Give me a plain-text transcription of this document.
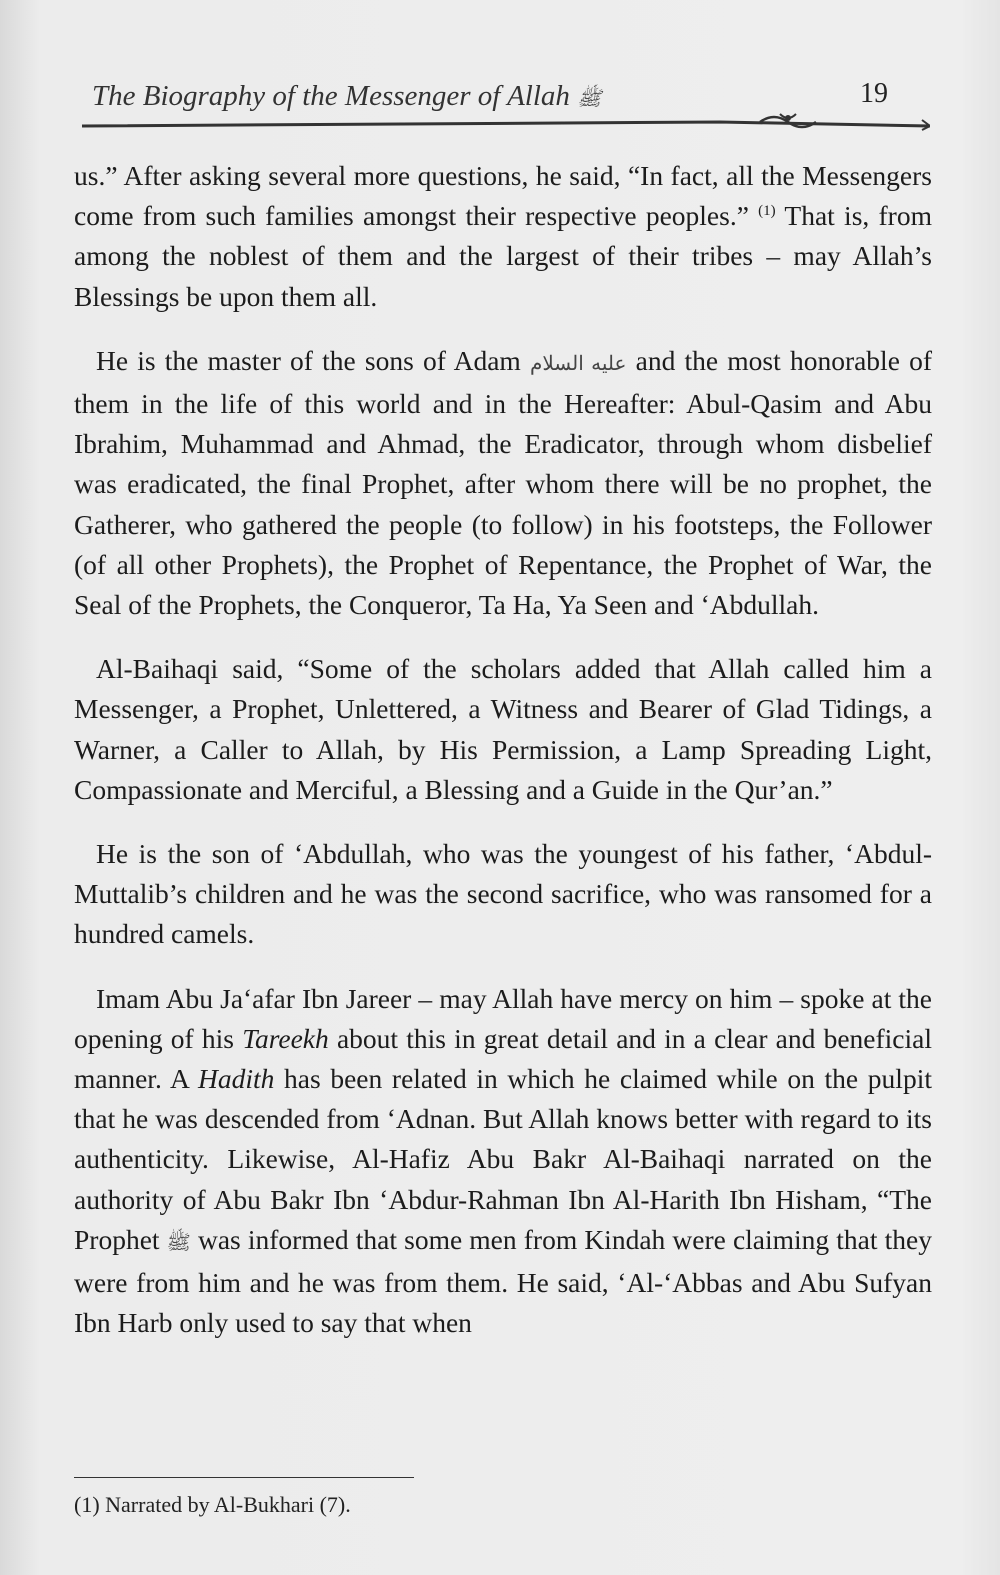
The Biography of the Messenger of Allah ﷺ	19

us.” After asking several more questions, he said, “In fact, all the Messengers come from such families amongst their respective peoples.” $^{(1)}$ That is, from among the noblest of them and the largest of their tribes – may Allah’s Blessings be upon them all.

He is the master of the sons of Adam عليه السلام and the most honorable of them in the life of this world and in the Hereafter: Abul-Qasim and Abu Ibrahim, Muhammad and Ahmad, the Eradicator, through whom disbelief was eradicated, the final Prophet, after whom there will be no prophet, the Gatherer, who gathered the people (to follow) in his footsteps, the Follower (of all other Prophets), the Prophet of Repentance, the Prophet of War, the Seal of the Prophets, the Conqueror, Ta Ha, Ya Seen and ‘Abdullah.

Al-Baihaqi said, “Some of the scholars added that Allah called him a Messenger, a Prophet, Unlettered, a Witness and Bearer of Glad Tidings, a Warner, a Caller to Allah, by His Permission, a Lamp Spreading Light, Compassionate and Merciful, a Blessing and a Guide in the Qur’an.”

He is the son of ‘Abdullah, who was the youngest of his father, ‘Abdul-Muttalib’s children and he was the second sacrifice, who was ransomed for a hundred camels.

Imam Abu Ja‘afar Ibn Jareer – may Allah have mercy on him – spoke at the opening of his Tareekh about this in great detail and in a clear and beneficial manner. A Hadith has been related in which he claimed while on the pulpit that he was descended from ‘Adnan. But Allah knows better with regard to its authenticity. Likewise, Al-Hafiz Abu Bakr Al-Baihaqi narrated on the authority of Abu Bakr Ibn ‘Abdur-Rahman Ibn Al-Harith Ibn Hisham, “The Prophet ﷺ was informed that some men from Kindah were claiming that they were from him and he was from them. He said, ‘Al-‘Abbas and Abu Sufyan Ibn Harb only used to say that when

(1) Narrated by Al-Bukhari (7).
